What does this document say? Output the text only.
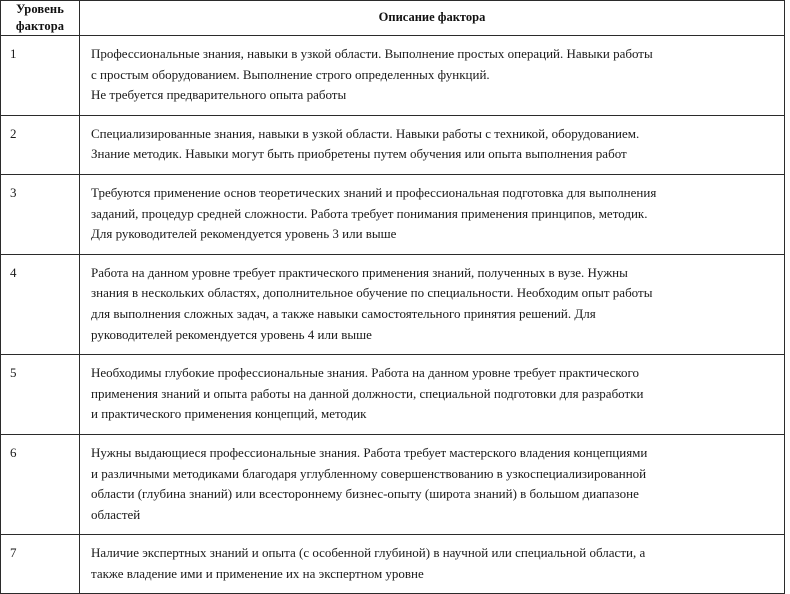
Уровень
фактора	Описание фактора
1	Профессиональные знания, навыки в узкой области. Выполнение простых операций. Навыки работы

с простым оборудованием. Выполнение строго определенных функций.

Не требуется предварительного опыта работы

2	Специализированные знания, навыки в узкой области. Навыки работы с техникой, оборудованием.

Знание методик. Навыки могут быть приобретены путем обучения или опыта выполнения работ

3	Требуются применение основ теоретических знаний и профессиональная подготовка для выполнения

заданий, процедур средней сложности. Работа требует понимания применения принципов, методик.

Для руководителей рекомендуется уровень 3 или выше

4	Работа на данном уровне требует практического применения знаний, полученных в вузе. Нужны

знания в нескольких областях, дополнительное обучение по специальности. Необходим опыт работы

для выполнения сложных задач, а также навыки самостоятельного принятия решений. Для

руководителей рекомендуется уровень 4 или выше

5	Необходимы глубокие профессиональные знания. Работа на данном уровне требует практического

применения знаний и опыта работы на данной должности, специальной подготовки для разработки

и практического применения концепций, методик

6	Нужны выдающиеся профессиональные знания. Работа требует мастерского владения концепциями

и различными методиками благодаря углубленному совершенствованию в узкоспециализированной

области (глубина знаний) или всестороннему бизнес-опыту (широта знаний) в большом диапазоне

областей

7	Наличие экспертных знаний и опыта (с особенной глубиной) в научной или специальной области, а

также владение ими и применение их на экспертном уровне
